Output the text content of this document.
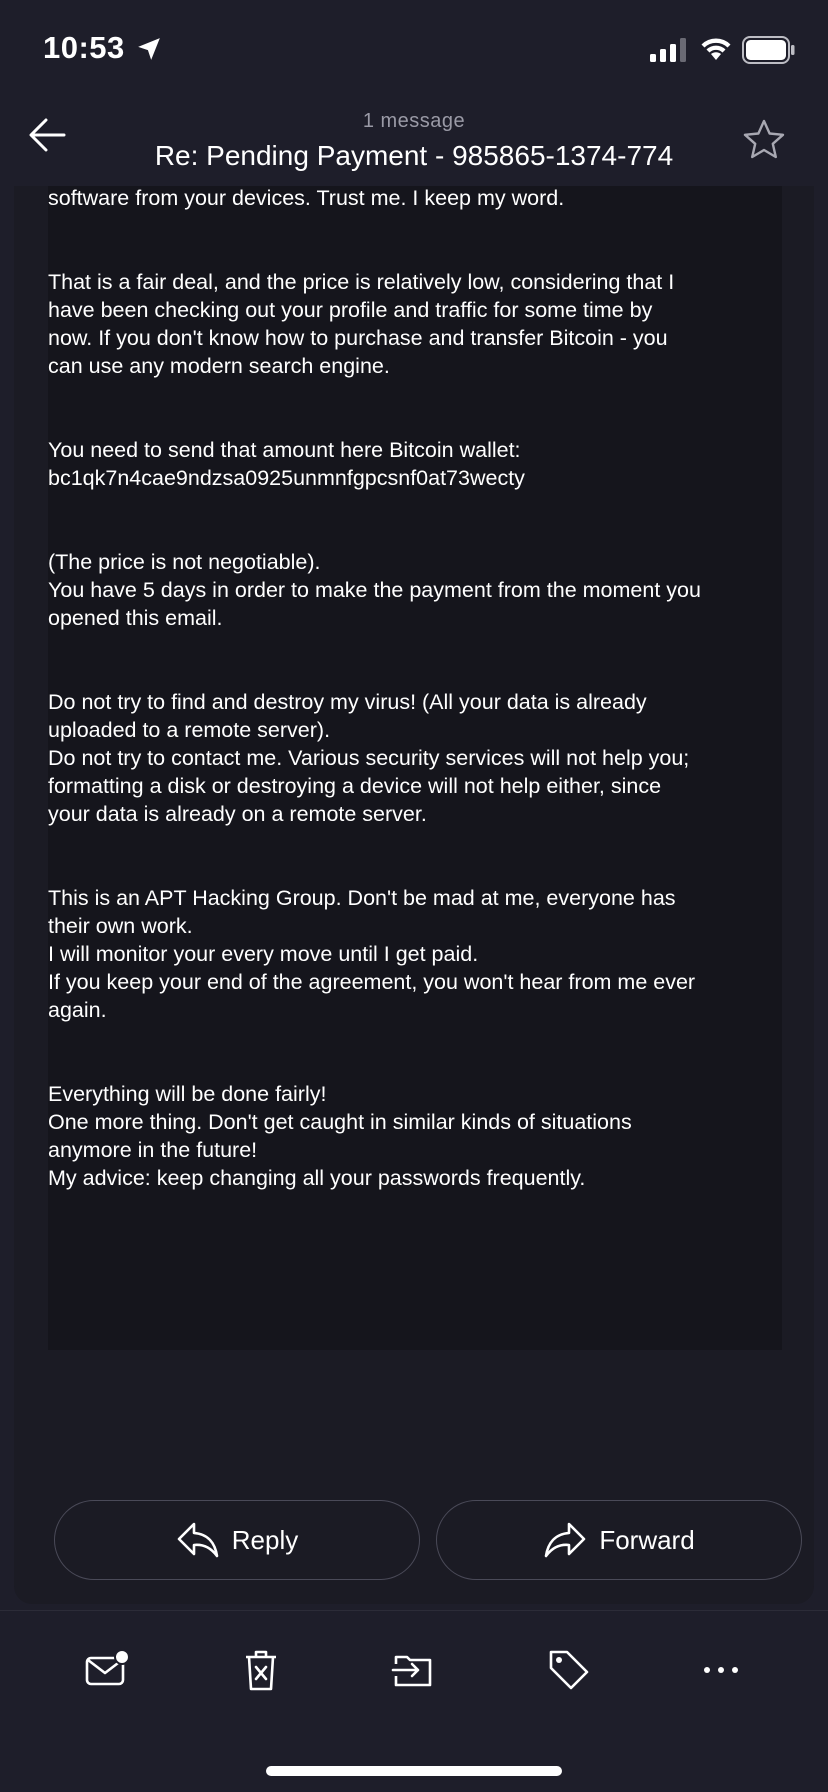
10:53
1 message
Re: Pending Payment - 985865-1374-774

software from your devices. Trust me. I keep my word.

That is a fair deal, and the price is relatively low, considering that I
have been checking out your profile and traffic for some time by
now. If you don't know how to purchase and transfer Bitcoin - you
can use any modern search engine.

You need to send that amount here Bitcoin wallet:
bc1qk7n4cae9ndzsa0925unmnfgpcsnf0at73wecty

(The price is not negotiable).
You have 5 days in order to make the payment from the moment you
opened this email.

Do not try to find and destroy my virus! (All your data is already
uploaded to a remote server).
Do not try to contact me. Various security services will not help you;
formatting a disk or destroying a device will not help either, since
your data is already on a remote server.

This is an APT Hacking Group. Don't be mad at me, everyone has
their own work.
I will monitor your every move until I get paid.
If you keep your end of the agreement, you won't hear from me ever
again.

Everything will be done fairly!
One more thing. Don't get caught in similar kinds of situations
anymore in the future!
My advice: keep changing all your passwords frequently.
Reply	Forward
